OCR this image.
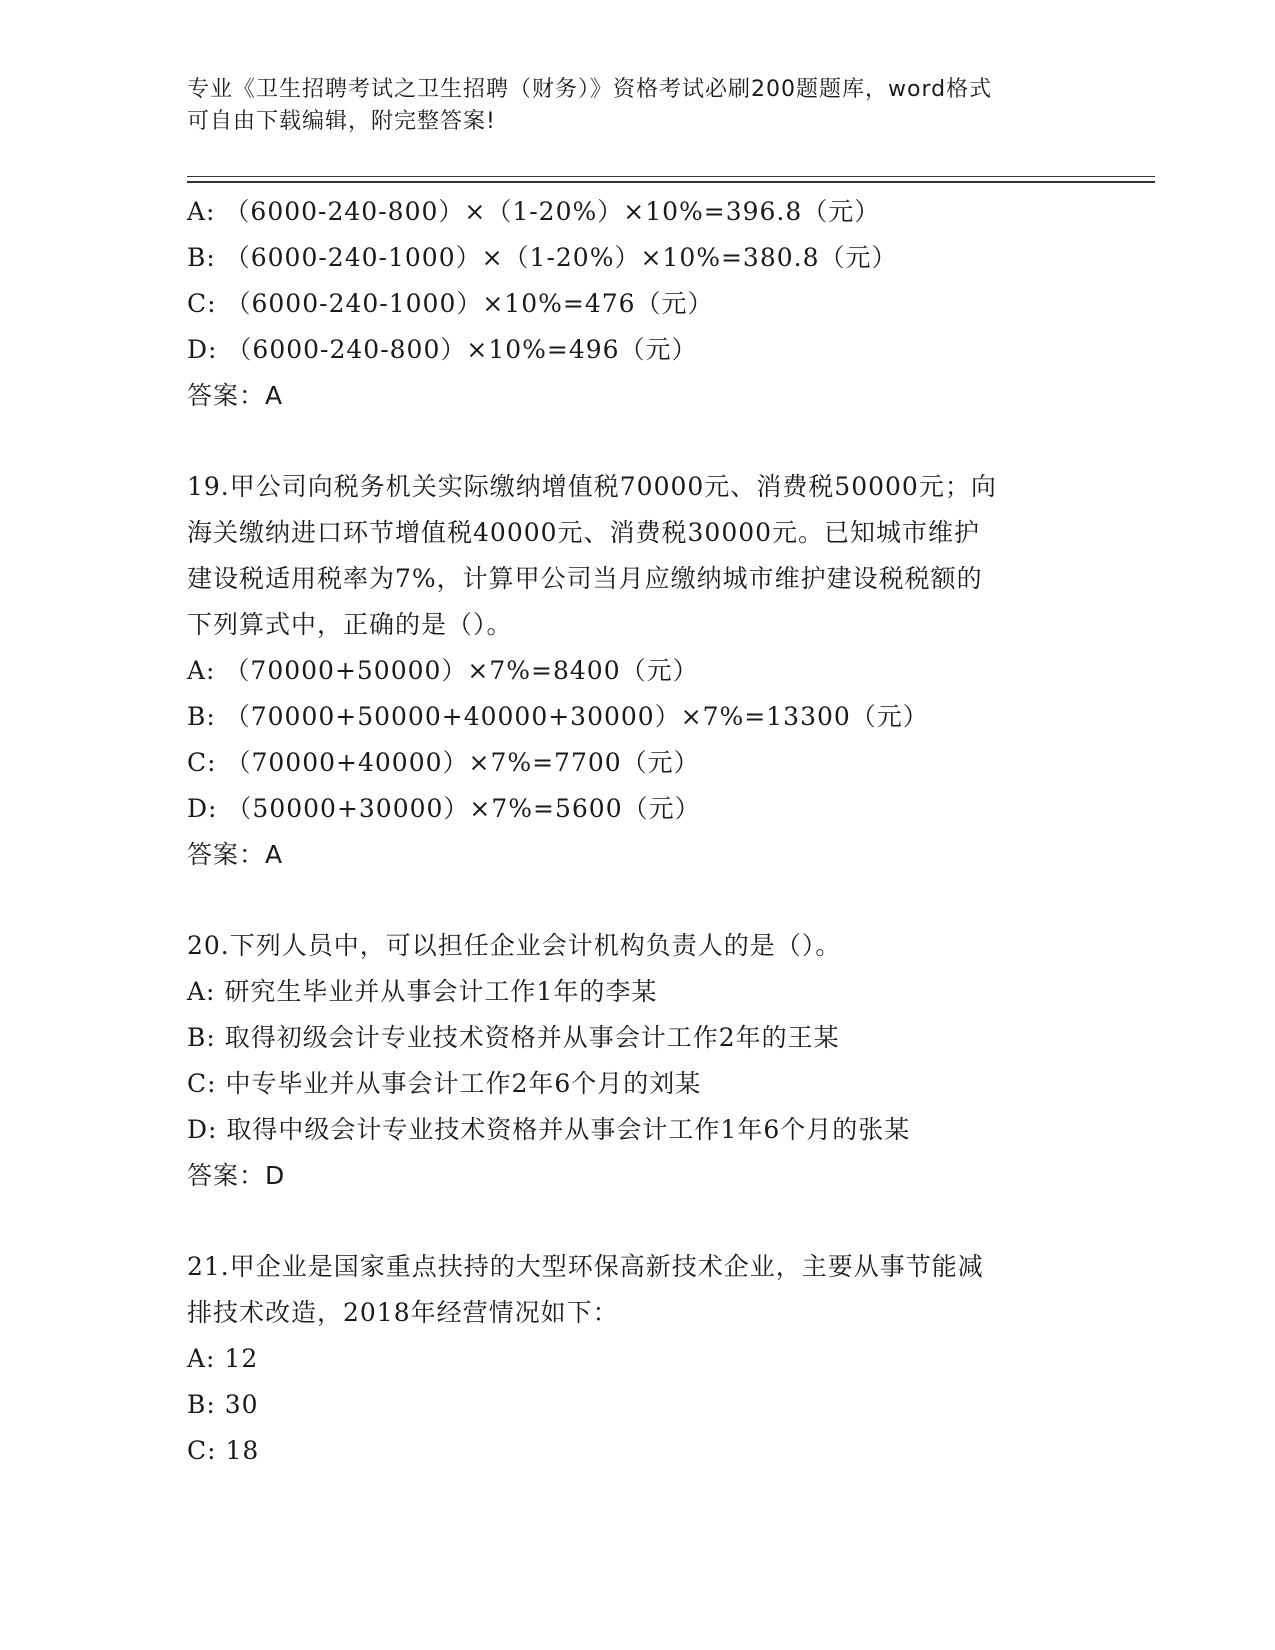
专业《卫生招聘考试之卫生招聘（财务）》资格考试必刷200题题库，word格式
可自由下载编辑，附完整答案!
A: （6000-240-800）×（1-20%）×10%=396.8（元）
B: （6000-240-1000）×（1-20%）×10%=380.8（元）
C: （6000-240-1000）×10%=476（元）
D: （6000-240-800）×10%=496（元）
答案：A
19.甲公司向税务机关实际缴纳增值税70000元、消费税50000元；向
海关缴纳进口环节增值税40000元、消费税30000元。已知城市维护
建设税适用税率为7%，计算甲公司当月应缴纳城市维护建设税税额的
下列算式中，正确的是（）。
A: （70000+50000）×7%=8400（元）
B: （70000+50000+40000+30000）×7%=13300（元）
C: （70000+40000）×7%=7700（元）
D: （50000+30000）×7%=5600（元）
答案：A
20.下列人员中，可以担任企业会计机构负责人的是（）。
A: 研究生毕业并从事会计工作1年的李某
B: 取得初级会计专业技术资格并从事会计工作2年的王某
C: 中专毕业并从事会计工作2年6个月的刘某
D: 取得中级会计专业技术资格并从事会计工作1年6个月的张某
答案：D
21.甲企业是国家重点扶持的大型环保高新技术企业，主要从事节能减
排技术改造，2018年经营情况如下：
A: 12
B: 30
C: 18
